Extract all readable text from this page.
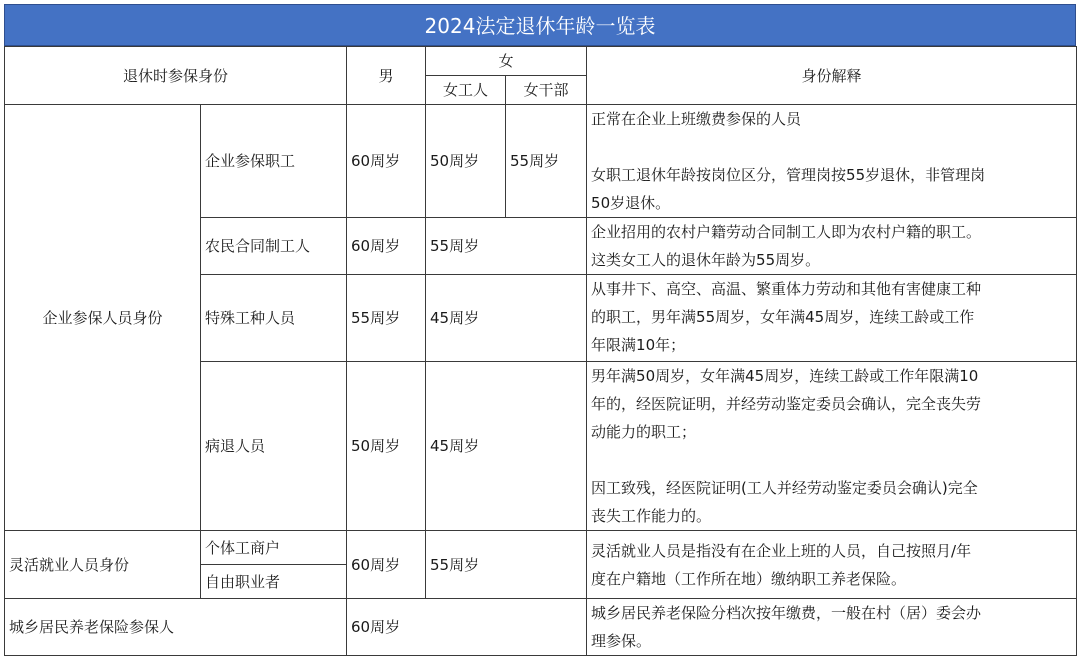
2024法定退休年龄一览表
退休时参保身份		男	女		身份解释
			女工人	女干部	
企业参保人员身份	企业参保职工	60周岁	50周岁	55周岁	正常在企业上班缴费参保的人员

女职工退休年龄按岗位区分，管理岗按55岁退休，非管理岗

50岁退休。

	农民合同制工人	60周岁	55周岁		企业招用的农村户籍劳动合同制工人即为农村户籍的职工。

这类女工人的退休年龄为55周岁。

	特殊工种人员	55周岁	45周岁		从事井下、高空、高温、繁重体力劳动和其他有害健康工种

的职工，男年满55周岁，女年满45周岁，连续工龄或工作

年限满10年；

	病退人员	50周岁	45周岁		男年满50周岁，女年满45周岁，连续工龄或工作年限满10

年的，经医院证明，并经劳动鉴定委员会确认，完全丧失劳

动能力的职工；

因工致残，经医院证明(工人并经劳动鉴定委员会确认)完全

丧失工作能力的。

灵活就业人员身份	个体工商户	60周岁	55周岁		灵活就业人员是指没有在企业上班的人员，自己按照月/年

度在户籍地（工作所在地）缴纳职工养老保险。

	自由职业者				
城乡居民养老保险参保人		60周岁			城乡居民养老保险分档次按年缴费，一般在村（居）委会办

理参保。
